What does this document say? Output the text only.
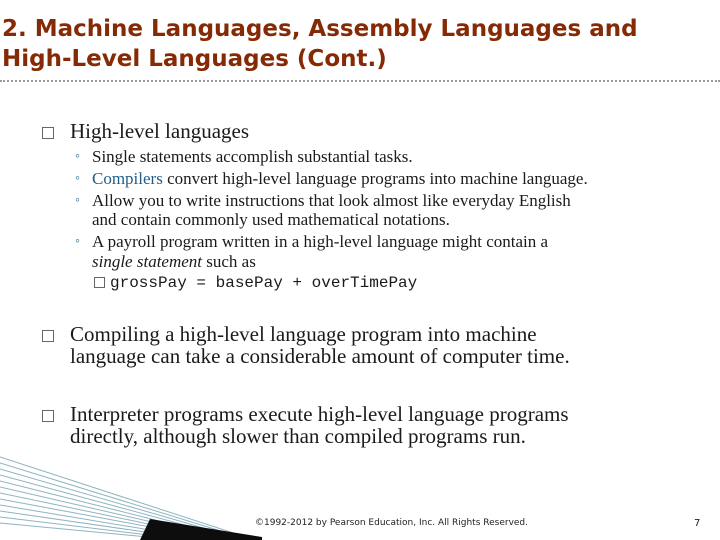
2. Machine Languages, Assembly Languages and
High-Level Languages (Cont.)
High-level languages
◦ Single statements accomplish substantial tasks.
◦ Compilers convert high-level language programs into machine language.
◦ Allow you to write instructions that look almost like everyday English
and contain commonly used mathematical notations.
◦ A payroll program written in a high-level language might contain a
single statement such as
grossPay = basePay + overTimePay
Compiling a high-level language program into machine
language can take a considerable amount of computer time.
Interpreter programs execute high-level language programs
directly, although slower than compiled programs run.
©1992-2012 by Pearson Education, Inc. All Rights Reserved.	7
